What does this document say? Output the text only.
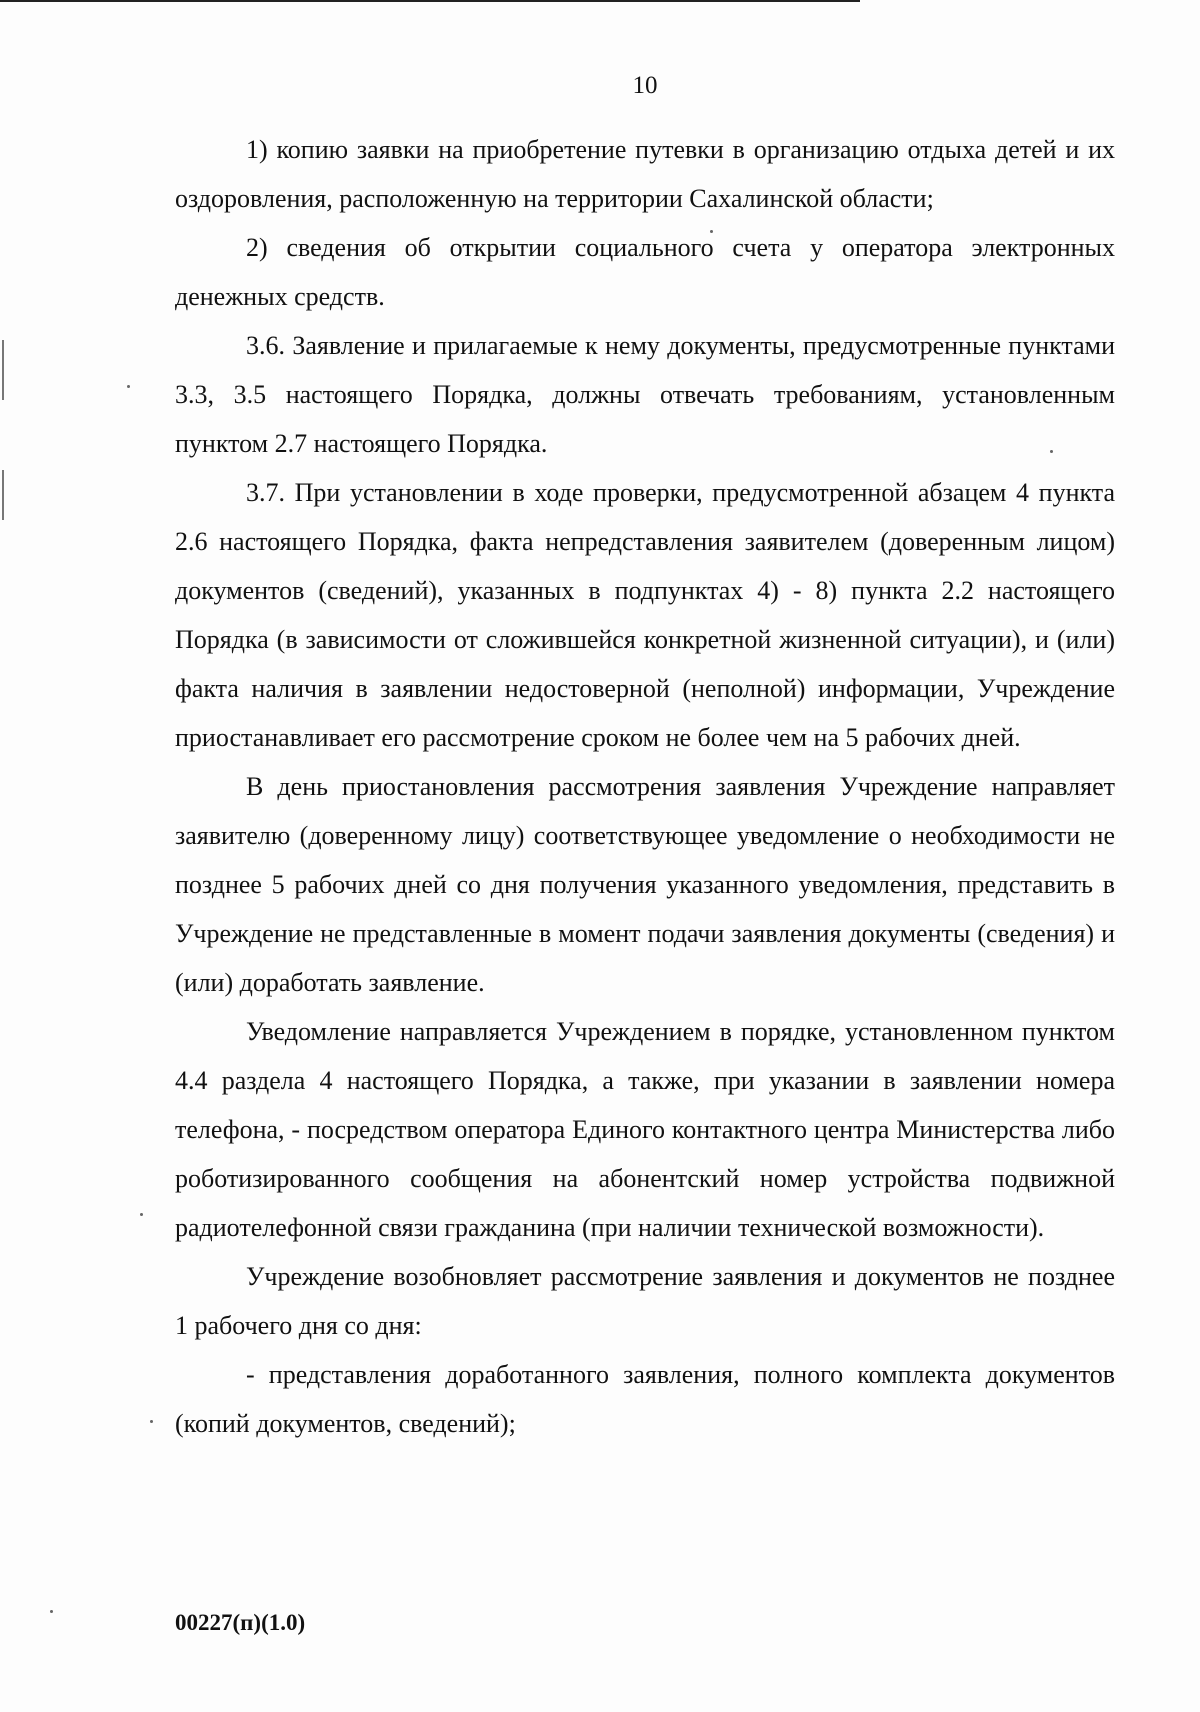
10

1) копию заявки на приобретение путевки в организацию отдыха детей и их оздоровления, расположенную на территории Сахалинской области;

2) сведения об открытии социального счета у оператора электронных денежных средств.

3.6. Заявление и прилагаемые к нему документы, предусмотренные пунктами 3.3, 3.5 настоящего Порядка, должны отвечать требованиям, установленным пунктом 2.7 настоящего Порядка.

3.7. При установлении в ходе проверки, предусмотренной абзацем 4 пункта 2.6 настоящего Порядка, факта непредставления заявителем (доверенным лицом) документов (сведений), указанных в подпунктах 4) - 8) пункта 2.2 настоящего Порядка (в зависимости от сложившейся конкретной жизненной ситуации), и (или) факта наличия в заявлении недостоверной (неполной) информации, Учреждение приостанавливает его рассмотрение сроком не более чем на 5 рабочих дней.

В день приостановления рассмотрения заявления Учреждение направляет заявителю (доверенному лицу) соответствующее уведомление о необходимости не позднее 5 рабочих дней со дня получения указанного уведомления, представить в Учреждение не представленные в момент подачи заявления документы (сведения) и (или) доработать заявление.

Уведомление направляется Учреждением в порядке, установленном пунктом 4.4 раздела 4 настоящего Порядка, а также, при указании в заявлении номера телефона, - посредством оператора Единого контактного центра Министерства либо роботизированного сообщения на абонентский номер устройства подвижной радиотелефонной связи гражданина (при наличии технической возможности).

Учреждение возобновляет рассмотрение заявления и документов не позднее 1 рабочего дня со дня:

- представления доработанного заявления, полного комплекта документов (копий документов, сведений);

00227(п)(1.0)
